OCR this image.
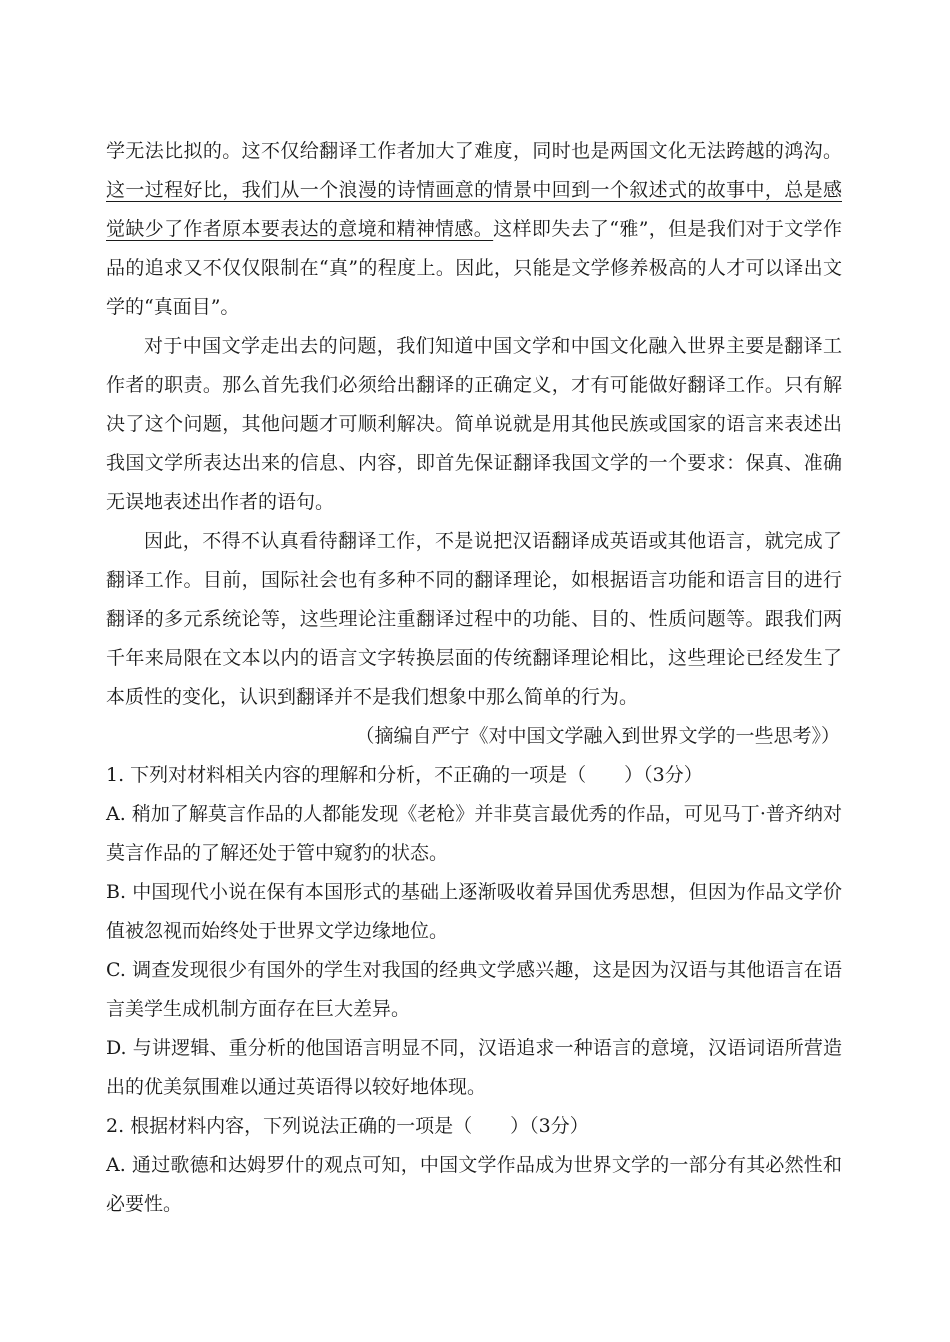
学无法比拟的。这不仅给翻译工作者加大了难度，同时也是两国文化无法跨越的鸿沟。这一过程好比，我们从一个浪漫的诗情画意的情景中回到一个叙述式的故事中，总是感觉缺少了作者原本要表达的意境和精神情感。这样即失去了“雅”，但是我们对于文学作品的追求又不仅仅限制在“真”的程度上。因此，只能是文学修养极高的人才可以译出文学的“真面目”。

对于中国文学走出去的问题，我们知道中国文学和中国文化融入世界主要是翻译工作者的职责。那么首先我们必须给出翻译的正确定义，才有可能做好翻译工作。只有解决了这个问题，其他问题才可顺利解决。简单说就是用其他民族或国家的语言来表述出我国文学所表达出来的信息、内容，即首先保证翻译我国文学的一个要求：保真、准确无误地表述出作者的语句。

因此，不得不认真看待翻译工作，不是说把汉语翻译成英语或其他语言，就完成了翻译工作。目前，国际社会也有多种不同的翻译理论，如根据语言功能和语言目的进行翻译的多元系统论等，这些理论注重翻译过程中的功能、目的、性质问题等。跟我们两千年来局限在文本以内的语言文字转换层面的传统翻译理论相比，这些理论已经发生了本质性的变化，认识到翻译并不是我们想象中那么简单的行为。

（摘编自严宁《对中国文学融入到世界文学的一些思考》）

1. 下列对材料相关内容的理解和分析，不正确的一项是（　　）（3分）

A. 稍加了解莫言作品的人都能发现《老枪》并非莫言最优秀的作品，可见马丁·普齐纳对莫言作品的了解还处于管中窥豹的状态。

B. 中国现代小说在保有本国形式的基础上逐渐吸收着异国优秀思想，但因为作品文学价值被忽视而始终处于世界文学边缘地位。

C. 调查发现很少有国外的学生对我国的经典文学感兴趣，这是因为汉语与其他语言在语言美学生成机制方面存在巨大差异。

D. 与讲逻辑、重分析的他国语言明显不同，汉语追求一种语言的意境，汉语词语所营造出的优美氛围难以通过英语得以较好地体现。

2. 根据材料内容，下列说法正确的一项是（　　）（3分）

A. 通过歌德和达姆罗什的观点可知，中国文学作品成为世界文学的一部分有其必然性和必要性。
